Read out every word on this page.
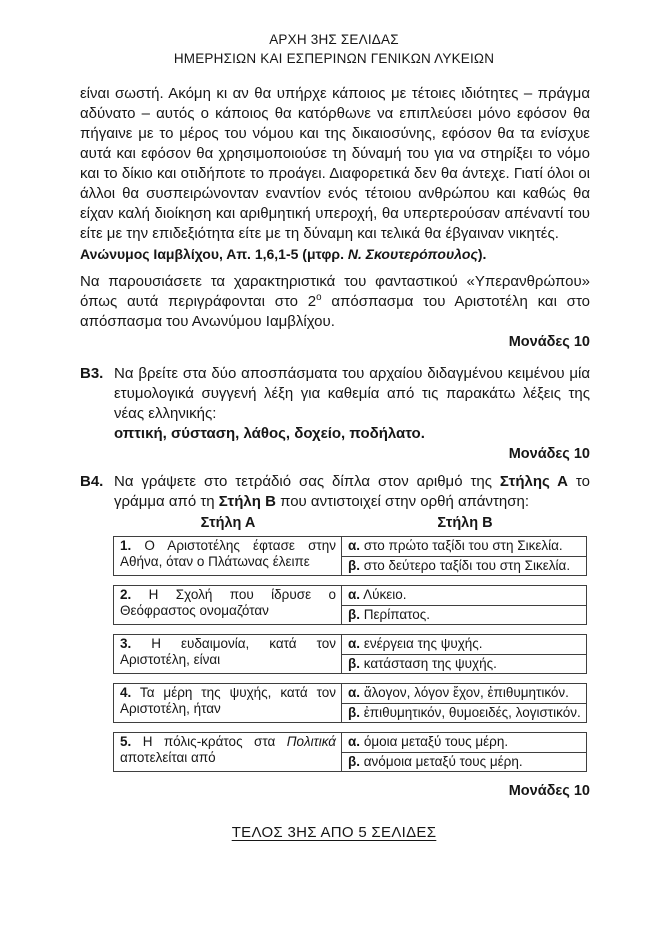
ΑΡΧΗ 3ΗΣ ΣΕΛΙΔΑΣ
ΗΜΕΡΗΣΙΩΝ ΚΑΙ ΕΣΠΕΡΙΝΩΝ ΓΕΝΙΚΩΝ ΛΥΚΕΙΩΝ

είναι σωστή. Ακόμη κι αν θα υπήρχε κάποιος με τέτοιες ιδιότητες – πράγμα αδύνατο – αυτός ο κάποιος θα κατόρθωνε να επιπλεύσει μόνο εφόσον θα πήγαινε με το μέρος του νόμου και της δικαιοσύνης, εφόσον θα τα ενίσχυε αυτά και εφόσον θα χρησιμοποιούσε τη δύναμή του για να στηρίξει το νόμο και το δίκιο και οτιδήποτε το προάγει. Διαφορετικά δεν θα άντεχε. Γιατί όλοι οι άλλοι θα συσπειρώνονταν εναντίον ενός τέτοιου ανθρώπου και καθώς θα είχαν καλή διοίκηση και αριθμητική υπεροχή, θα υπερτερούσαν απέναντί του είτε με την επιδεξιότητα είτε με τη δύναμη και τελικά θα έβγαιναν νικητές.

Ανώνυμος Ιαμβλίχου, Απ. 1,6,1-5 (μτφρ. Ν. Σκουτερόπουλος).

Να παρουσιάσετε τα χαρακτηριστικά του φανταστικού «Υπερανθρώπου» όπως αυτά περιγράφονται στο $2^o$ απόσπασμα του Αριστοτέλη και στο απόσπασμα του Ανωνύμου Ιαμβλίχου.

Μονάδες 10

Β3. Να βρείτε στα δύο αποσπάσματα του αρχαίου διδαγμένου κειμένου μία ετυμολογικά συγγενή λέξη για καθεμία από τις παρακάτω λέξεις της νέας ελληνικής:

οπτική, σύσταση, λάθος, δοχείο, ποδήλατο.

Μονάδες 10

Β4. Να γράψετε στο τετράδιό σας δίπλα στον αριθμό της Στήλης Α το γράμμα από τη Στήλη Β που αντιστοιχεί στην ορθή απάντηση:

Στήλη Α	Στήλη Β
1. Ο Αριστοτέλης έφτασε στην Αθήνα, όταν ο Πλάτωνας έλειπε
α. στο πρώτο ταξίδι του στη Σικελία.
β. στο δεύτερο ταξίδι του στη Σικελία.
2. Η Σχολή που ίδρυσε ο Θεόφραστος ονομαζόταν
α. Λύκειο.
β. Περίπατος.
3. Η ευδαιμονία, κατά τον Αριστοτέλη, είναι
α. ενέργεια της ψυχής.
β. κατάσταση της ψυχής.
4. Τα μέρη της ψυχής, κατά τον Αριστοτέλη, ήταν
α. ἄλογον, λόγον ἔχον, ἐπιθυμητικόν.
β. ἐπιθυμητικόν, θυμοειδές, λογιστικόν.
5. Η πόλις-κράτος στα Πολιτικά αποτελείται από
α. όμοια μεταξύ τους μέρη.
β. ανόμοια μεταξύ τους μέρη.

Μονάδες 10

ΤΕΛΟΣ 3ΗΣ ΑΠΟ 5 ΣΕΛΙΔΕΣ
